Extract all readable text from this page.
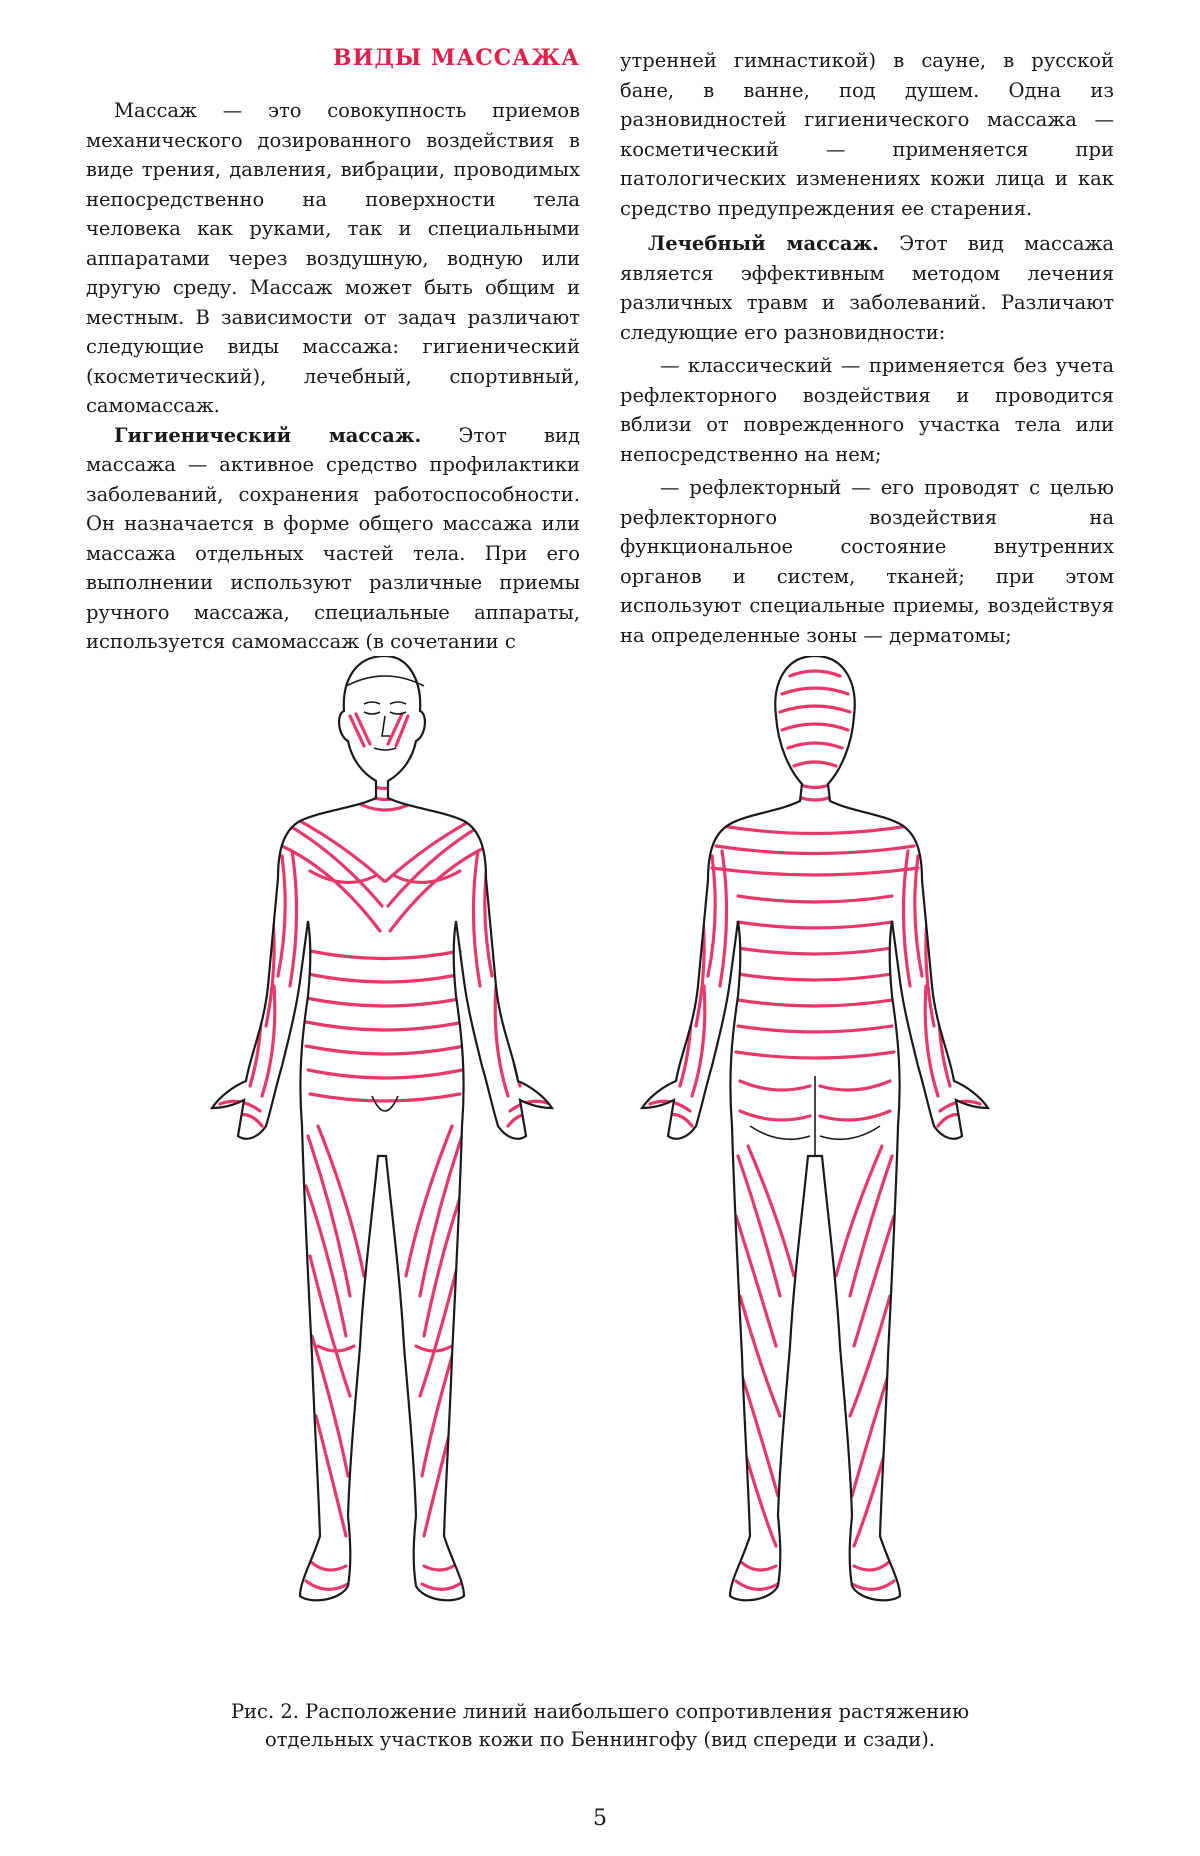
ВИДЫ МАССАЖА

Массаж — это совокупность приемов механического дозированного воздействия в виде трения, давления, вибрации, проводимых непосредственно на поверхности тела человека как руками, так и специальными аппаратами через воздушную, водную или другую среду. Массаж может быть общим и местным. В зависимости от задач различают следующие виды массажа: гигиенический (косметический), лечебный, спортивный, самомассаж.

Гигиенический массаж. Этот вид массажа — активное средство профилактики заболеваний, сохранения работоспособности. Он назначается в форме общего массажа или массажа отдельных частей тела. При его выполнении используют различные приемы ручного массажа, специальные аппараты, используется самомассаж (в сочетании с

утренней гимнастикой) в сауне, в русской бане, в ванне, под душем. Одна из разновидностей гигиенического массажа — косметический — применяется при патологических изменениях кожи лица и как средство предупреждения ее старения.

Лечебный массаж. Этот вид массажа является эффективным методом лечения различных травм и заболеваний. Различают следующие его разновидности:

— классический — применяется без учета рефлекторного воздействия и проводится вблизи от поврежденного участка тела или непосредственно на нем;

— рефлекторный — его проводят с целью рефлекторного воздействия на функциональное состояние внутренних органов и систем, тканей; при этом используют специальные приемы, воздействуя на определенные зоны — дерматомы;

Рис. 2. Расположение линий наибольшего сопротивления растяжению
отдельных участков кожи по Беннингофу (вид спереди и сзади).
5
